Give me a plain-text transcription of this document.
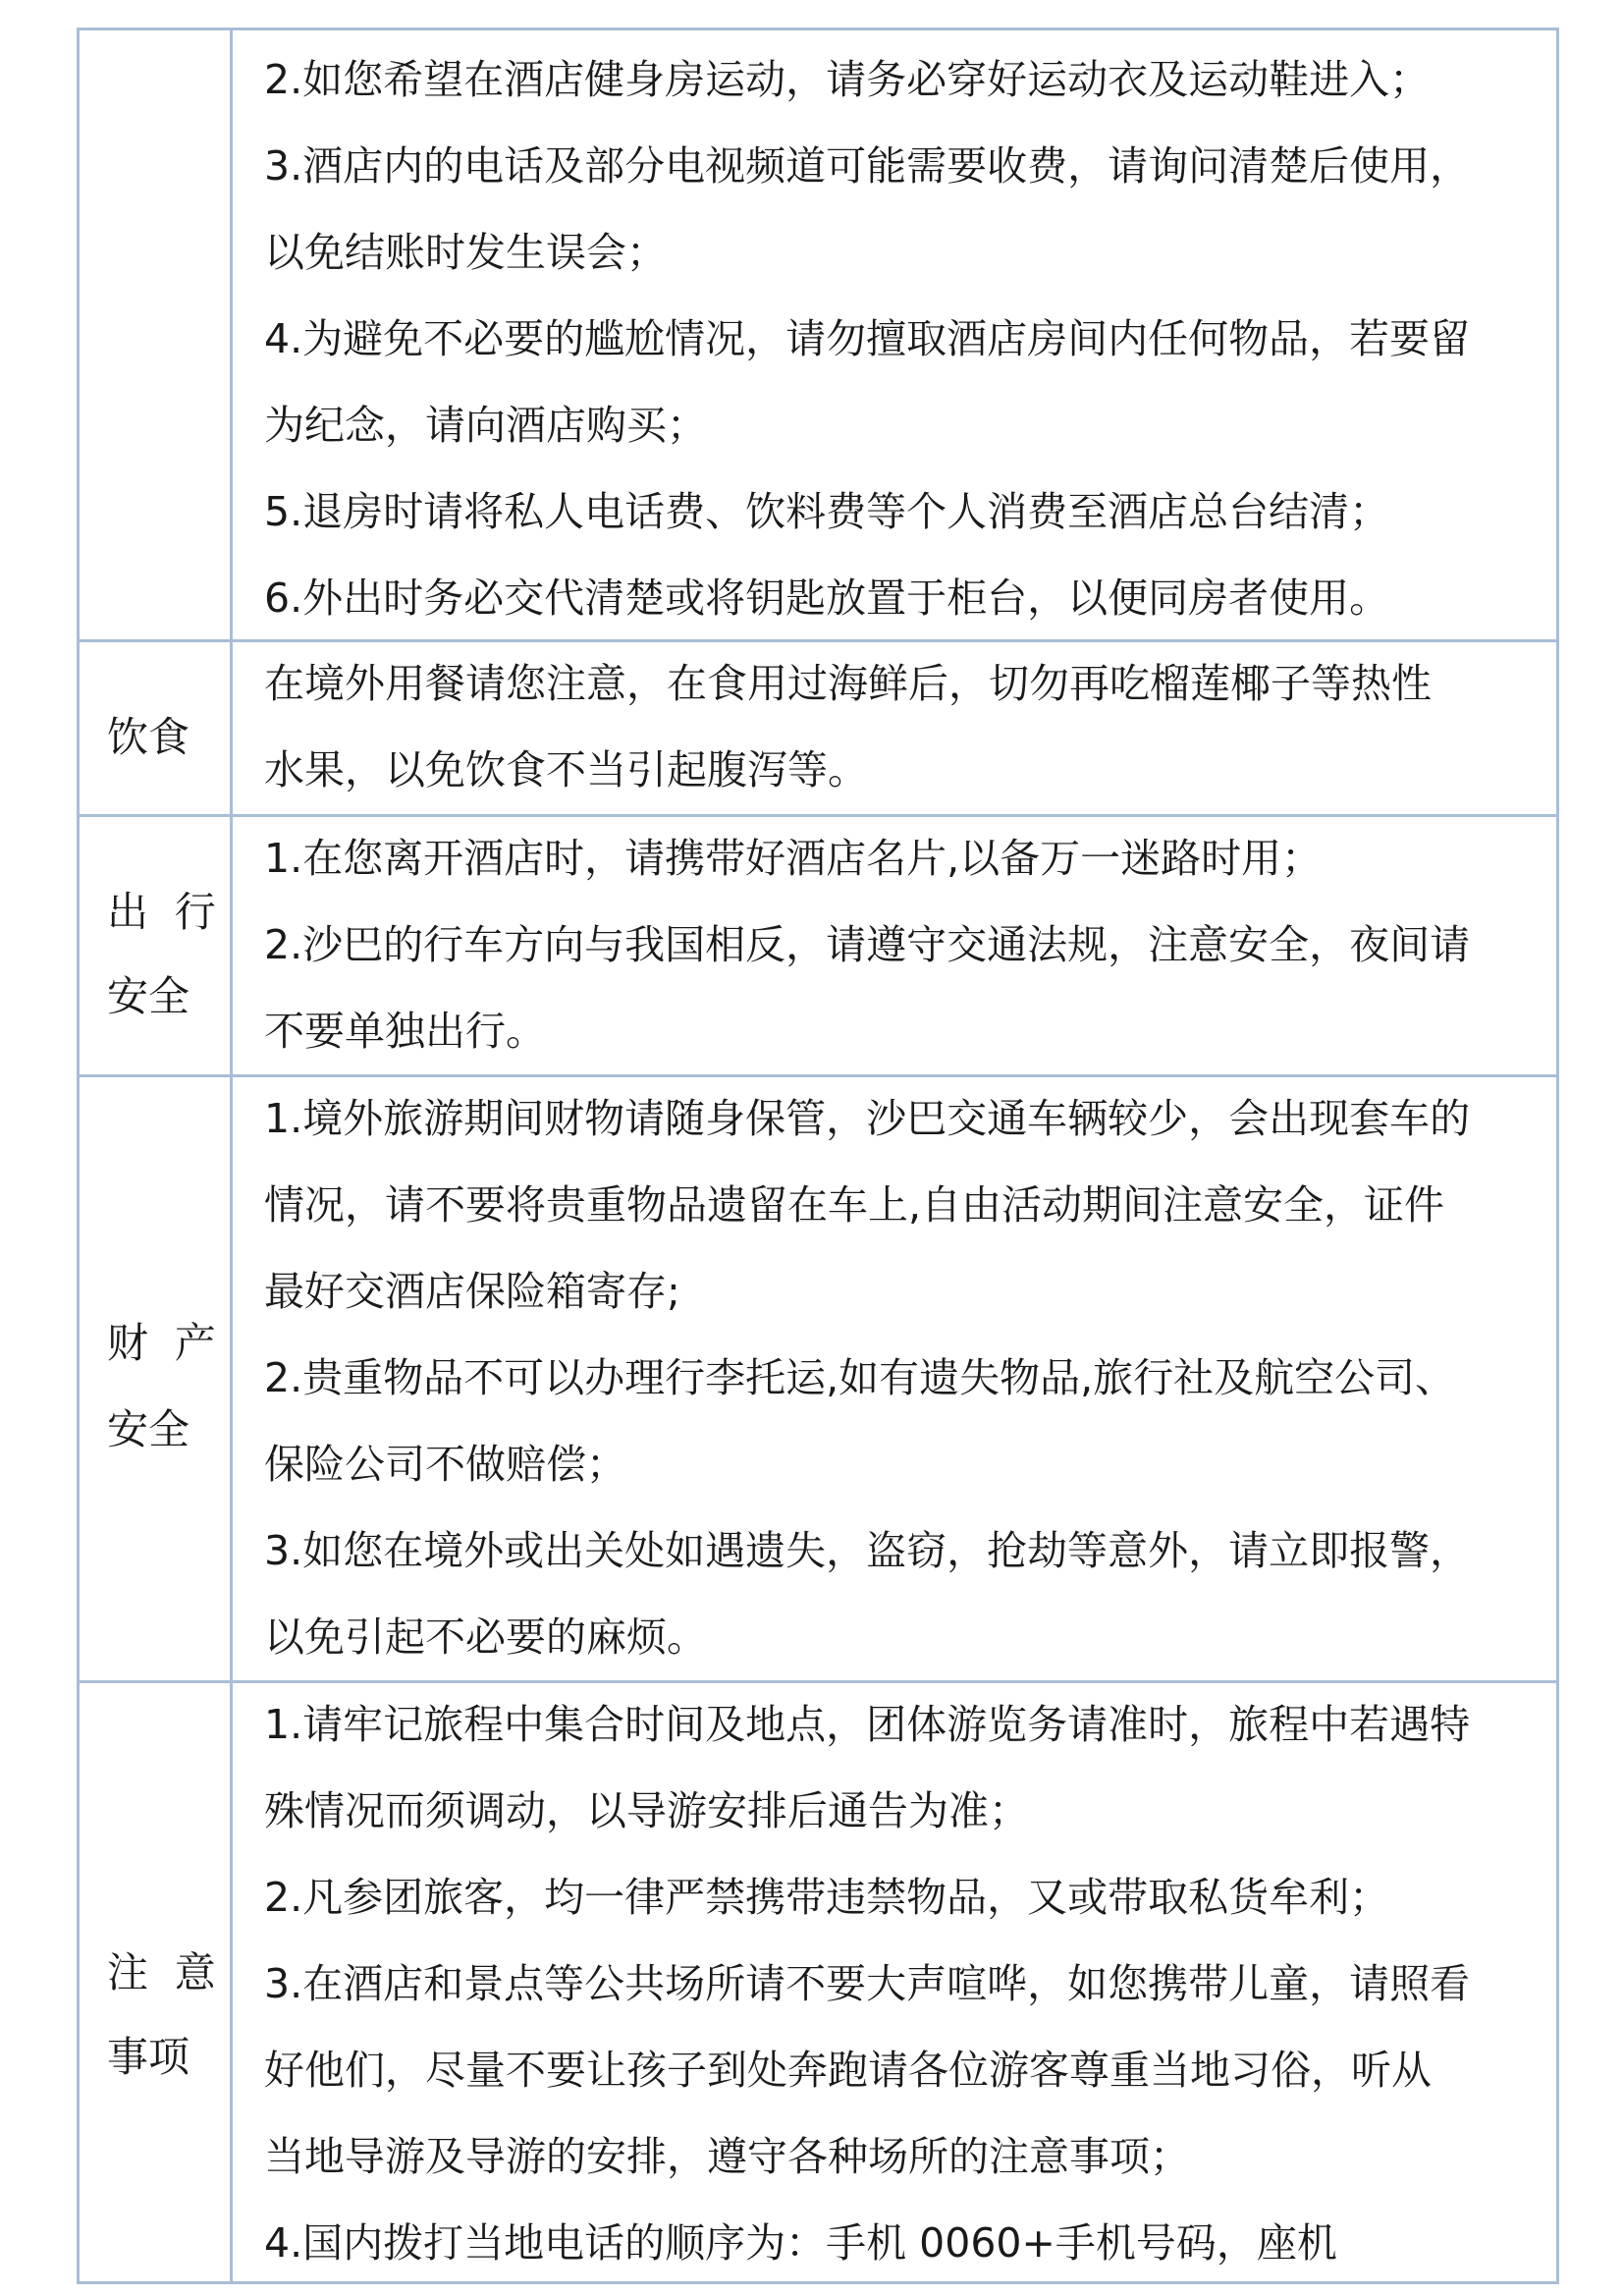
2.如您希望在酒店健身房运动，请务必穿好运动衣及运动鞋进入；
3.酒店内的电话及部分电视频道可能需要收费，请询问清楚后使用，
以免结账时发生误会；
4.为避免不必要的尴尬情况，请勿擅取酒店房间内任何物品，若要留
为纪念，请向酒店购买；
5.退房时请将私人电话费、饮料费等个人消费至酒店总台结清；
6.外出时务必交代清楚或将钥匙放置于柜台，以便同房者使用。
饮食
在境外用餐请您注意，在食用过海鲜后，切勿再吃榴莲椰子等热性
水果，以免饮食不当引起腹泻等。
出  行
安全
1.在您离开酒店时，请携带好酒店名片,以备万一迷路时用；
2.沙巴的行车方向与我国相反，请遵守交通法规，注意安全，夜间请
不要单独出行。
财  产
安全
1.境外旅游期间财物请随身保管，沙巴交通车辆较少，会出现套车的
情况，请不要将贵重物品遗留在车上,自由活动期间注意安全，证件
最好交酒店保险箱寄存;
2.贵重物品不可以办理行李托运,如有遗失物品,旅行社及航空公司、
保险公司不做赔偿；
3.如您在境外或出关处如遇遗失，盗窃，抢劫等意外，请立即报警，
以免引起不必要的麻烦。
注  意
事项
1.请牢记旅程中集合时间及地点，团体游览务请准时，旅程中若遇特
殊情况而须调动，以导游安排后通告为准；
2.凡参团旅客，均一律严禁携带违禁物品，又或带取私货牟利；
3.在酒店和景点等公共场所请不要大声喧哗，如您携带儿童，请照看
好他们，尽量不要让孩子到处奔跑请各位游客尊重当地习俗，听从
当地导游及导游的安排，遵守各种场所的注意事项；
4.国内拨打当地电话的顺序为：手机 0060+手机号码，座机
